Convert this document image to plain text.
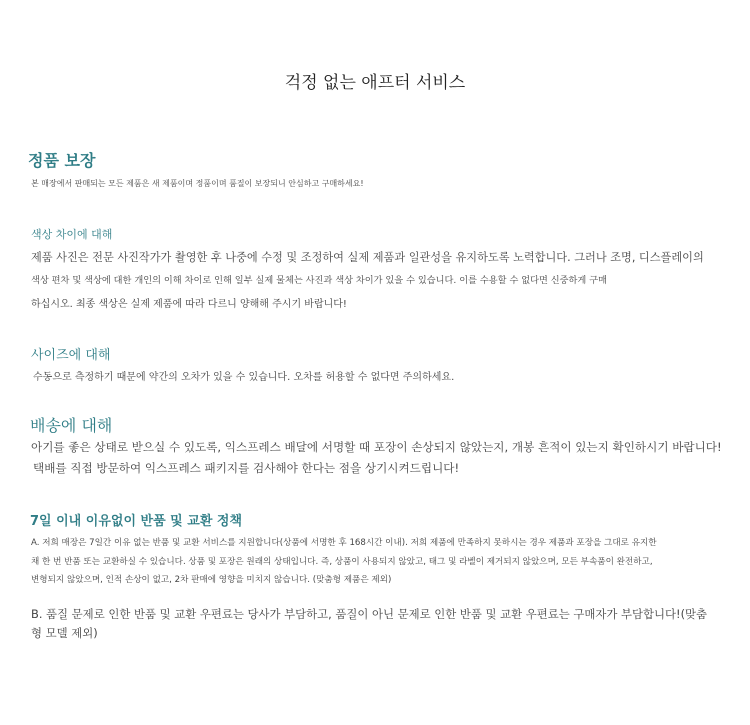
걱정 없는 애프터 서비스
정품 보장

본 매장에서 판매되는 모든 제품은 새 제품이며 정품이며 품질이 보장되니 안심하고 구매하세요!

색상 차이에 대해

제품 사진은 전문 사진작가가 촬영한 후 나중에 수정 및 조정하여 실제 제품과 일관성을 유지하도록 노력합니다. 그러나 조명, 디스플레이의

색상 편차 및 색상에 대한 개인의 이해 차이로 인해 일부 실제 물체는 사진과 색상 차이가 있을 수 있습니다. 이를 수용할 수 없다면 신중하게 구매

하십시오. 최종 색상은 실제 제품에 따라 다르니 양해해 주시기 바랍니다!

사이즈에 대해

수동으로 측정하기 때문에 약간의 오차가 있을 수 있습니다. 오차를 허용할 수 없다면 주의하세요.

배송에 대해

아기를 좋은 상태로 받으실 수 있도록, 익스프레스 배달에 서명할 때 포장이 손상되지 않았는지, 개봉 흔적이 있는지 확인하시기 바랍니다!

택배를 직접 방문하여 익스프레스 패키지를 검사해야 한다는 점을 상기시켜드립니다!

7일 이내 이유없이 반품 및 교환 정책

A. 저희 매장은 7일간 이유 없는 반품 및 교환 서비스를 지원합니다(상품에 서명한 후 168시간 이내). 저희 제품에 만족하지 못하시는 경우 제품과 포장을 그대로 유지한

채 한 번 반품 또는 교환하실 수 있습니다. 상품 및 포장은 원래의 상태입니다. 즉, 상품이 사용되지 않았고, 태그 및 라벨이 제거되지 않았으며, 모든 부속품이 완전하고,

변형되지 않았으며, 인적 손상이 없고, 2차 판매에 영향을 미치지 않습니다. (맞춤형 제품은 제외)

B. 품질 문제로 인한 반품 및 교환 우편료는 당사가 부담하고, 품질이 아닌 문제로 인한 반품 및 교환 우편료는 구매자가 부담합니다!(맞춤형 모델 제외)
